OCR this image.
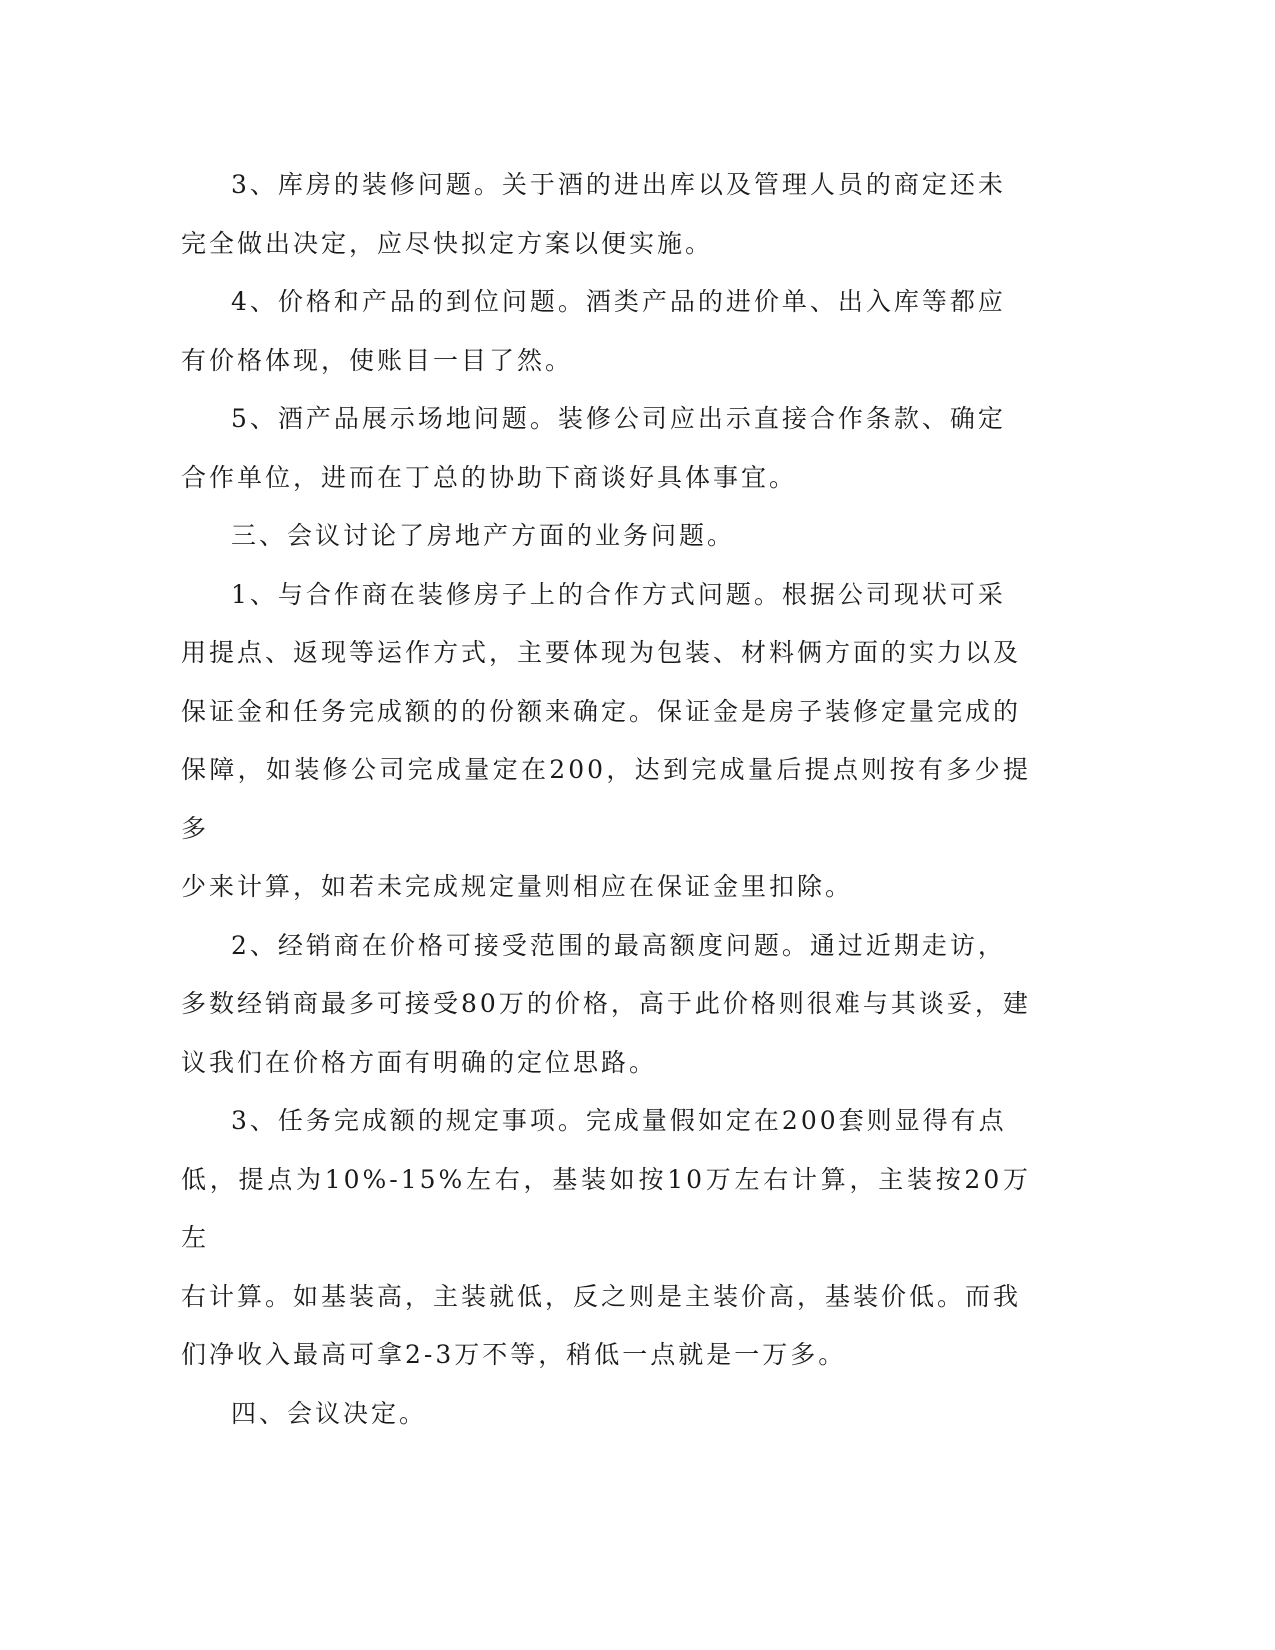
3、库房的装修问题。关于酒的进出库以及管理人员的商定还未
完全做出决定，应尽快拟定方案以便实施。

4、价格和产品的到位问题。酒类产品的进价单、出入库等都应
有价格体现，使账目一目了然。

5、酒产品展示场地问题。装修公司应出示直接合作条款、确定
合作单位，进而在丁总的协助下商谈好具体事宜。

三、会议讨论了房地产方面的业务问题。

1、与合作商在装修房子上的合作方式问题。根据公司现状可采
用提点、返现等运作方式，主要体现为包装、材料俩方面的实力以及
保证金和任务完成额的的份额来确定。保证金是房子装修定量完成的
保障，如装修公司完成量定在200，达到完成量后提点则按有多少提多
少来计算，如若未完成规定量则相应在保证金里扣除。

2、经销商在价格可接受范围的最高额度问题。通过近期走访，
多数经销商最多可接受80万的价格，高于此价格则很难与其谈妥，建
议我们在价格方面有明确的定位思路。

3、任务完成额的规定事项。完成量假如定在200套则显得有点
低，提点为10%-15%左右，基装如按10万左右计算，主装按20万左
右计算。如基装高，主装就低，反之则是主装价高，基装价低。而我
们净收入最高可拿2-3万不等，稍低一点就是一万多。

四、会议决定。
